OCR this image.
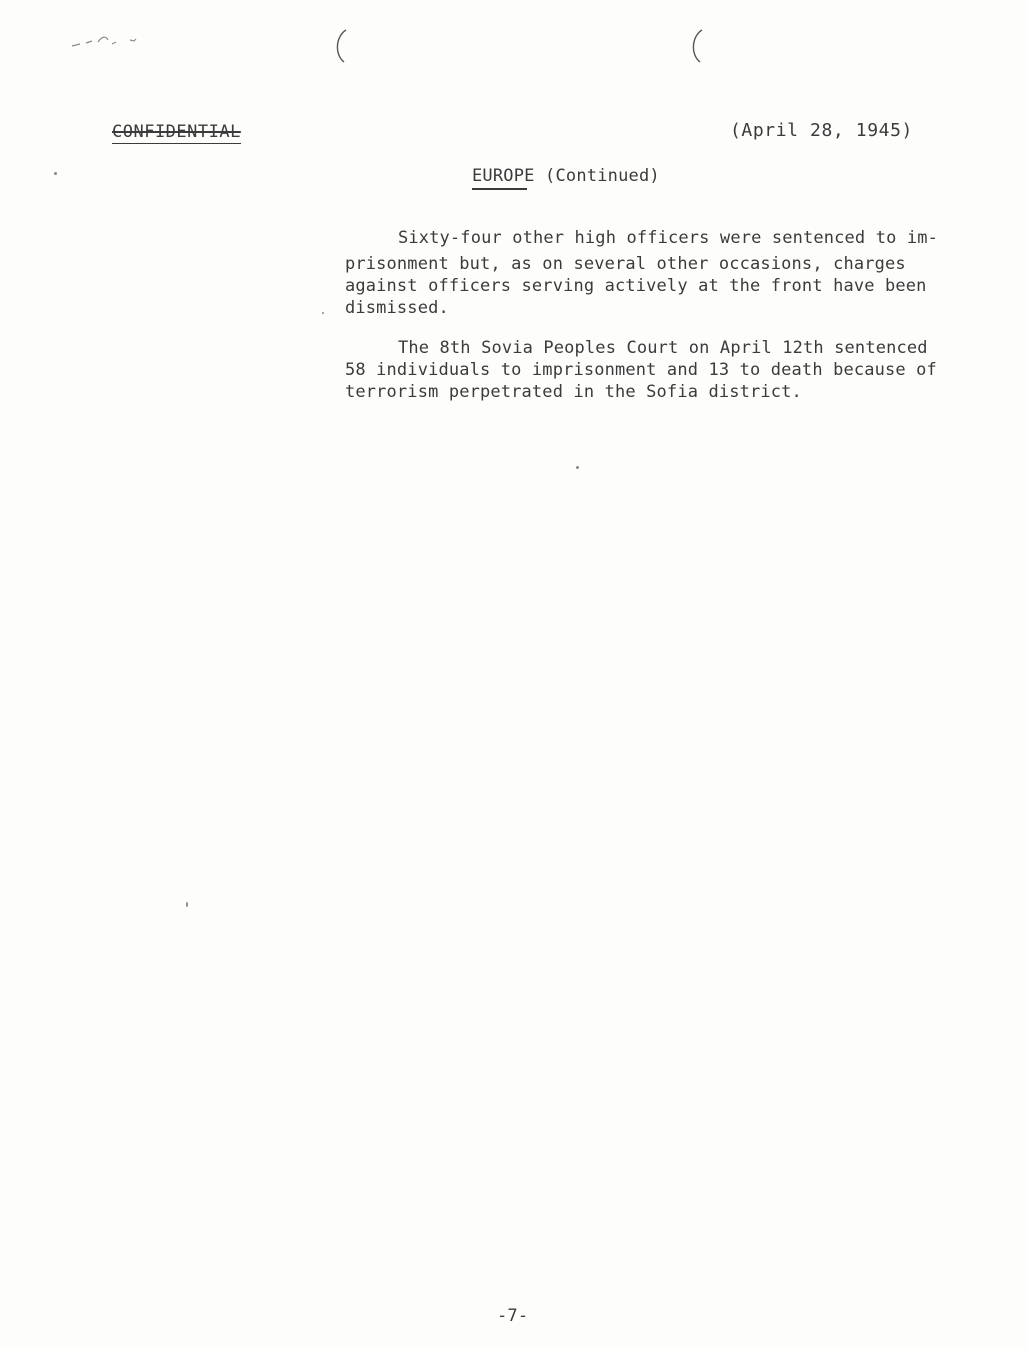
CONFIDENTIAL	(April 28, 1945)
EUROPE (Continued)
Sixty-four other high officers were sentenced to im-
prisonment but, as on several other occasions, charges
against officers serving actively at the front have been
dismissed.
The 8th Sovia Peoples Court on April 12th sentenced
58 individuals to imprisonment and 13 to death because of
terrorism perpetrated in the Sofia district.
-7-
